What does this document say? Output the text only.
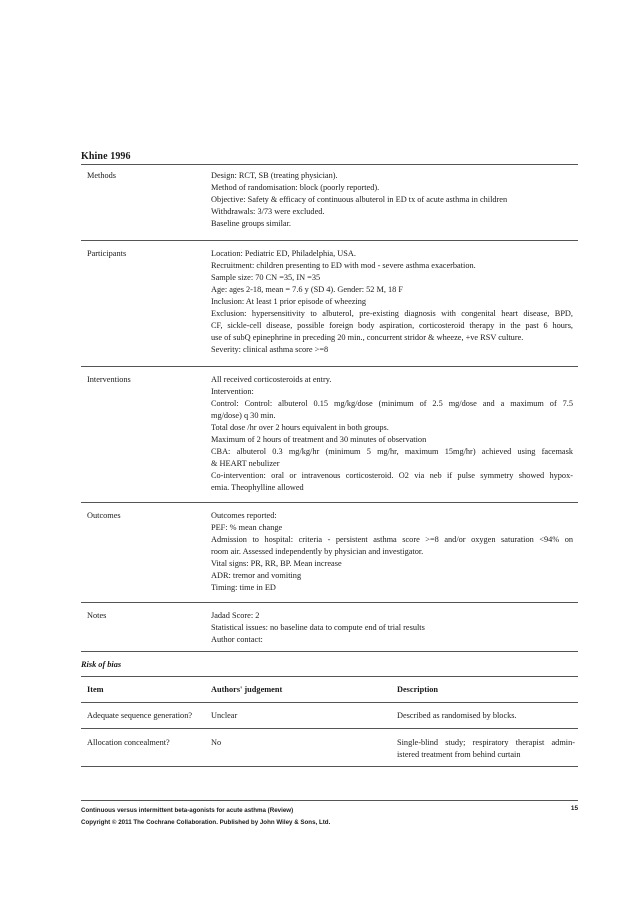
Khine 1996
Methods	Design: RCT, SB (treating physician).
Method of randomisation: block (poorly reported).
Objective: Safety & efficacy of continuous albuterol in ED tx of acute asthma in children
Withdrawals: 3/73 were excluded.
Baseline groups similar.
Participants	Location: Pediatric ED, Philadelphia, USA.
Recruitment: children presenting to ED with mod - severe asthma exacerbation.
Sample size: 70 CN =35, IN =35
Age: ages 2-18, mean = 7.6 y (SD 4). Gender: 52 M, 18 F
Inclusion: At least 1 prior episode of wheezing
Exclusion: hypersensitivity to albuterol, pre-existing diagnosis with congenital heart disease, BPD,
CF, sickle-cell disease, possible foreign body aspiration, corticosteroid therapy in the past 6 hours,
use of subQ epinephrine in preceding 20 min., concurrent stridor & wheeze, +ve RSV culture.
Severity: clinical asthma score >=8
Interventions	All received corticosteroids at entry.
Intervention:
Control: Control: albuterol 0.15 mg/kg/dose (minimum of 2.5 mg/dose and a maximum of 7.5
mg/dose) q 30 min.
Total dose /hr over 2 hours equivalent in both groups.
Maximum of 2 hours of treatment and 30 minutes of observation
CBA: albuterol 0.3 mg/kg/hr (minimum 5 mg/hr, maximum 15mg/hr) achieved using facemask
& HEART nebulizer
Co-intervention: oral or intravenous corticosteroid. O2 via neb if pulse symmetry showed hypox-
emia. Theophylline allowed
Outcomes	Outcomes reported:
PEF: % mean change
Admission to hospital: criteria - persistent asthma score >=8 and/or oxygen saturation <94% on
room air. Assessed independently by physician and investigator.
Vital signs: PR, RR, BP. Mean increase
ADR: tremor and vomiting
Timing: time in ED
Notes	Jadad Score: 2
Statistical issues: no baseline data to compute end of trial results
Author contact:
Risk of bias
Item	Authors' judgement	Description
Adequate sequence generation? Unclear	Described as randomised by blocks.
Allocation concealment?	No	Single-blind study; respiratory therapist admin-
istered treatment from behind curtain
Continuous versus intermittent beta-agonists for acute asthma (Review)
Copyright © 2011 The Cochrane Collaboration. Published by John Wiley & Sons, Ltd.
15
